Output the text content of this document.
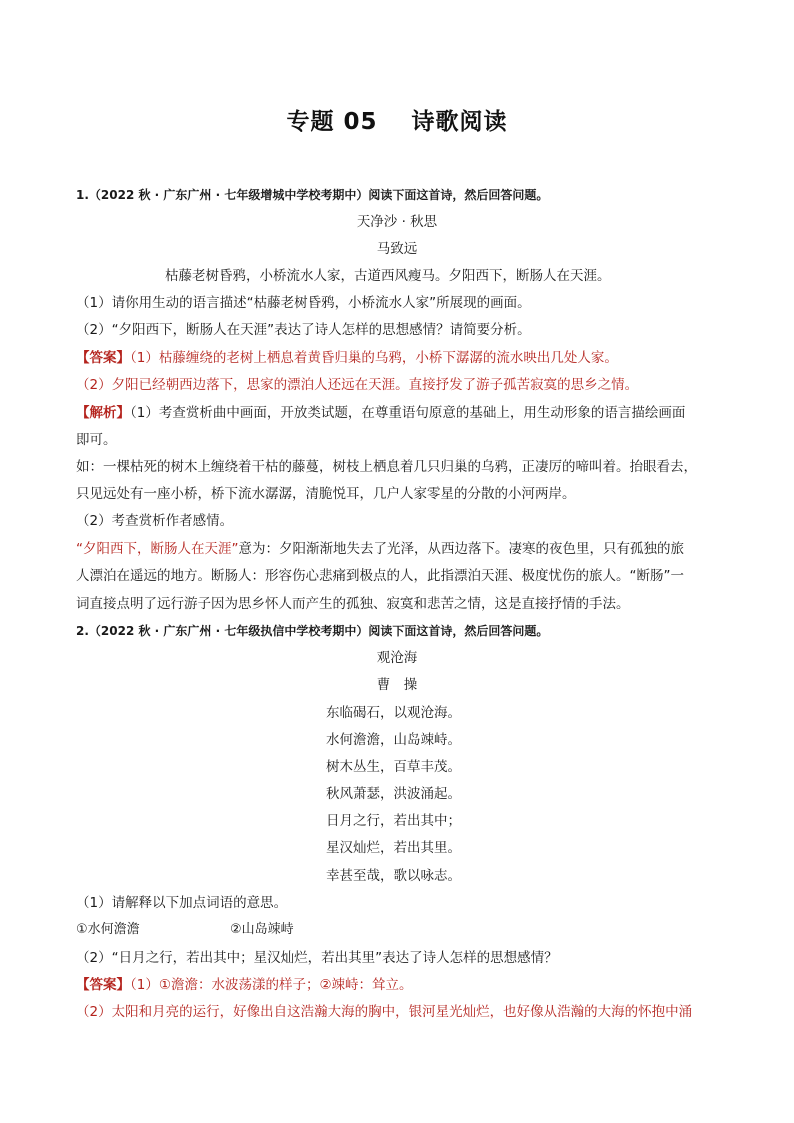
专题 05 诗歌阅读
1.（2022 秋 · 广东广州 · 七年级增城中学校考期中）阅读下面这首诗，然后回答问题。
天净沙 · 秋思
马致远
枯藤老树昏鸦，小桥流水人家，古道西风瘦马。夕阳西下，断肠人在天涯。
（1）请你用生动的语言描述“枯藤老树昏鸦，小桥流水人家”所展现的画面。
（2）“夕阳西下，断肠人在天涯”表达了诗人怎样的思想感情？请简要分析。
【答案】（1）枯藤缠绕的老树上栖息着黄昏归巢的乌鸦，小桥下潺潺的流水映出几处人家。
（2）夕阳已经朝西边落下，思家的漂泊人还远在天涯。直接抒发了游子孤苦寂寞的思乡之情。
【解析】（1）考查赏析曲中画面，开放类试题，在尊重语句原意的基础上，用生动形象的语言描绘画面
即可。
如：一棵枯死的树木上缠绕着干枯的藤蔓，树枝上栖息着几只归巢的乌鸦，正凄厉的啼叫着。抬眼看去，
只见远处有一座小桥，桥下流水潺潺，清脆悦耳，几户人家零星的分散的小河两岸。
（2）考查赏析作者感情。
“夕阳西下，断肠人在天涯”意为：夕阳渐渐地失去了光泽，从西边落下。凄寒的夜色里，只有孤独的旅
人漂泊在遥远的地方。断肠人：形容伤心悲痛到极点的人，此指漂泊天涯、极度忧伤的旅人。“断肠”一
词直接点明了远行游子因为思乡怀人而产生的孤独、寂寞和悲苦之情，这是直接抒情的手法。
2.（2022 秋 · 广东广州 · 七年级执信中学校考期中）阅读下面这首诗，然后回答问题。
观沧海
曹　操
东临碣石，以观沧海。
水何澹澹，山岛竦峙。
树木丛生，百草丰茂。
秋风萧瑟，洪波涌起。
日月之行，若出其中；
星汉灿烂，若出其里。
幸甚至哉，歌以咏志。
（1）请解释以下加点词语的意思。
①水何澹澹	②山岛竦峙
（2）“日月之行，若出其中；星汉灿烂，若出其里”表达了诗人怎样的思想感情？
【答案】（1）①澹澹：水波荡漾的样子；②竦峙：耸立。
（2）太阳和月亮的运行，好像出自这浩瀚大海的胸中，银河星光灿烂，也好像从浩瀚的大海的怀抱中涌
